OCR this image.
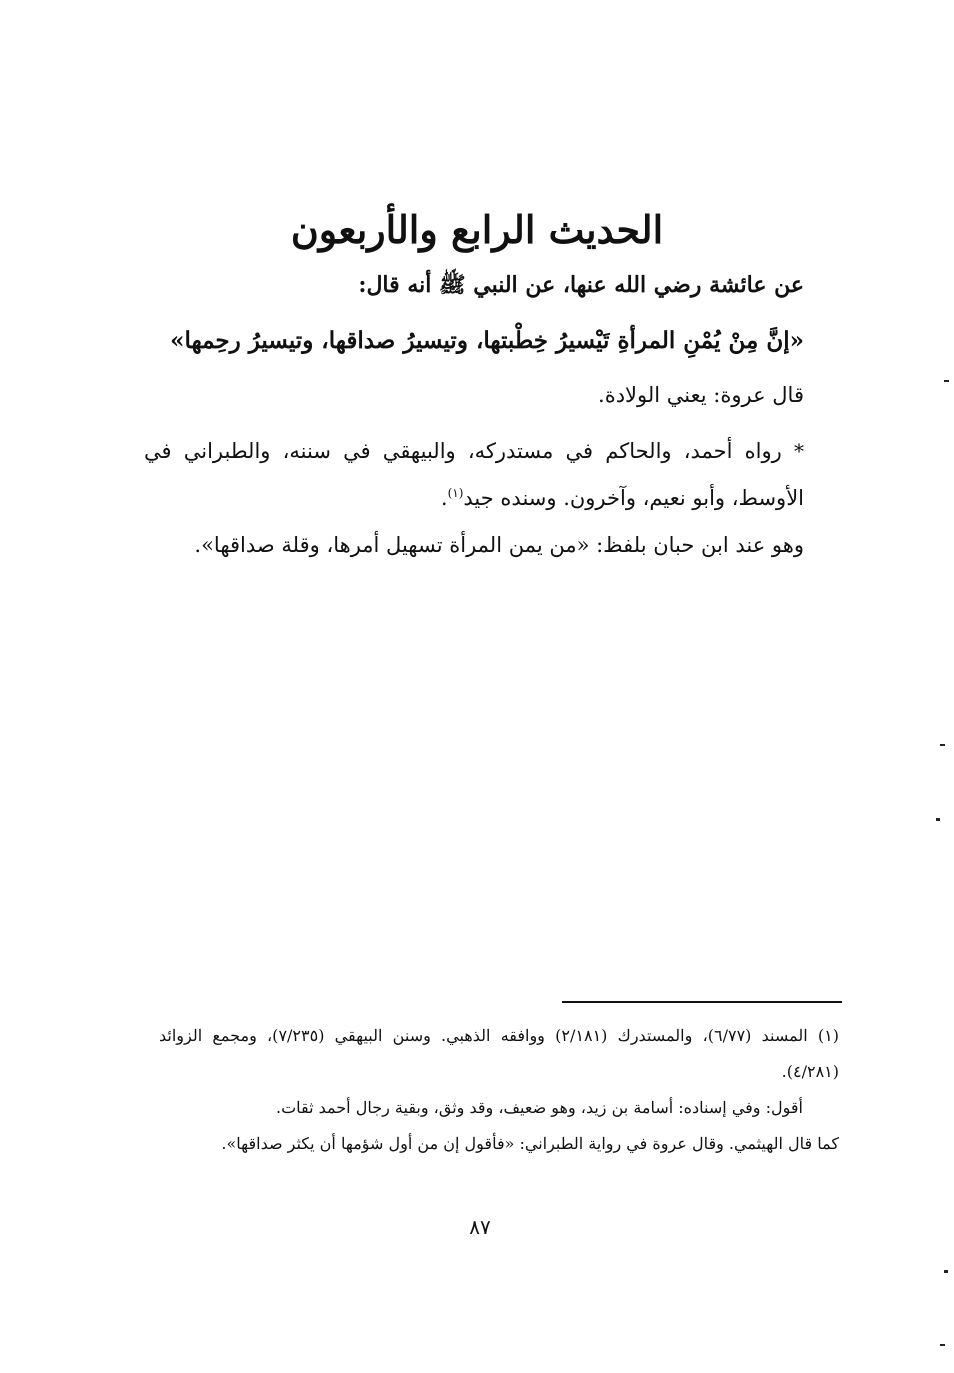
الحديث الرابع والأربعون
عن عائشة رضي الله عنها، عن النبي ﷺ أنه قال:
«إنَّ مِنْ يُمْنِ المرأةِ تَيْسيرُ خِطْبتها، وتيسيرُ صداقها، وتيسيرُ رحِمها»
قال عروة: يعني الولادة.
* رواه أحمد، والحاكم في مستدركه، والبيهقي في سننه، والطبراني في الأوسط، وأبو نعيم، وآخرون. وسنده جيد$^{(١)}$.
وهو عند ابن حبان بلفظ: «من يمن المرأة تسهيل أمرها، وقلة صداقها».

(١) المسند (٦/٧٧)، والمستدرك (٢/١٨١) ووافقه الذهبي. وسنن البيهقي (٧/٢٣٥)، ومجمع الزوائد (٤/٢٨١).

أقول: وفي إسناده: أسامة بن زيد، وهو ضعيف، وقد وثق، وبقية رجال أحمد ثقات.

كما قال الهيثمي. وقال عروة في رواية الطبراني: «فأقول إن من أول شؤمها أن يكثر صداقها».

٨٧
